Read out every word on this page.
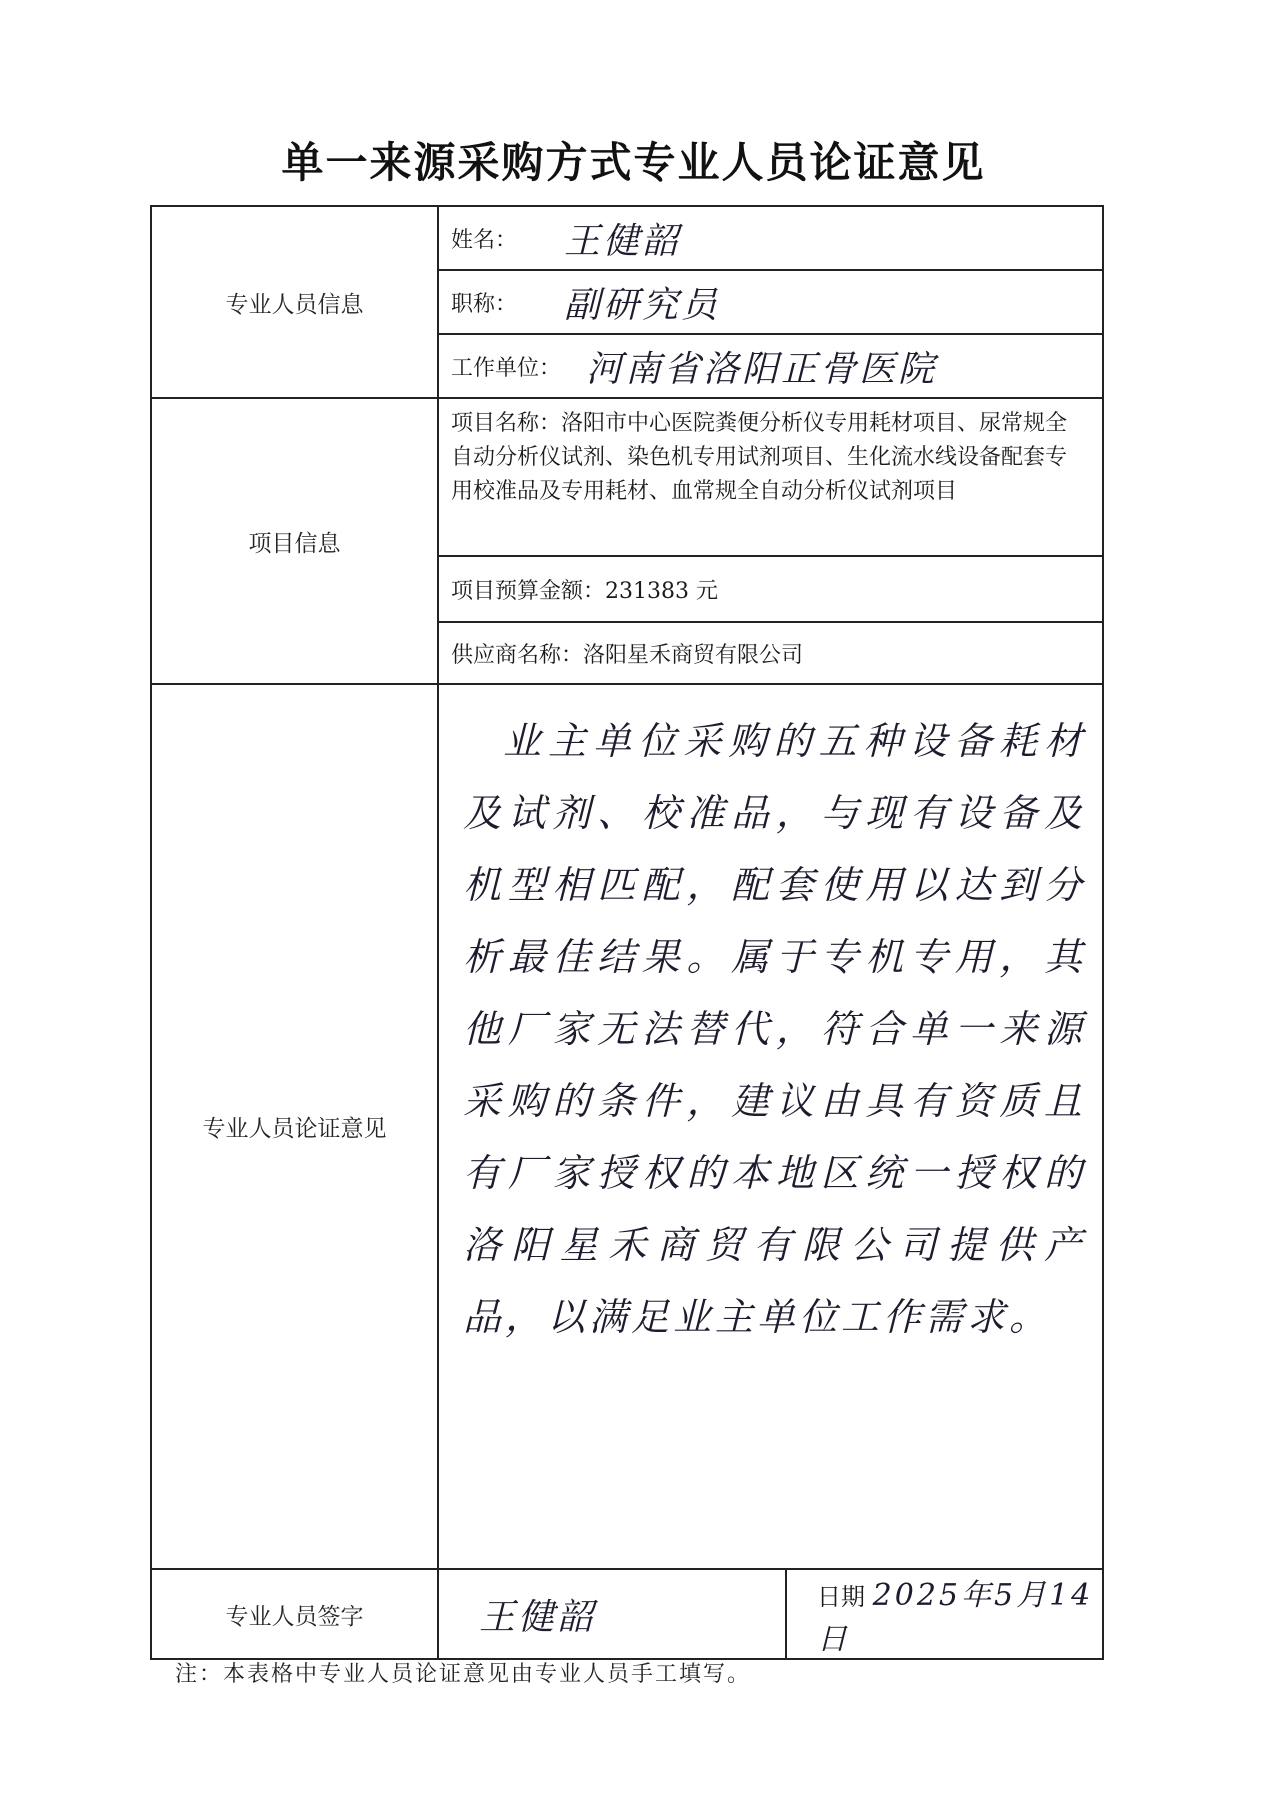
单一来源采购方式专业人员论证意见
专业人员信息	姓名： 王健韶	
	职称： 副研究员	
	工作单位： 河南省洛阳正骨医院	
项目信息	项目名称：洛阳市中心医院粪便分析仪专用耗材项目、尿常规全自动分析仪试剂、染色机专用试剂项目、生化流水线设备配套专用校准品及专用耗材、血常规全自动分析仪试剂项目	
	项目预算金额：231383 元	
	供应商名称：洛阳星禾商贸有限公司	
专业人员论证意见	业主单位采购的五种设备耗材及试剂、校准品，与现有设备及机型相匹配，配套使用以达到分析最佳结果。属于专机专用，其他厂家无法替代，符合单一来源采购的条件，建议由具有资质且有厂家授权的本地区统一授权的洛阳星禾商贸有限公司提供产品，以满足业主单位工作需求。	

专业人员签字	王健韶	日期 2025年5月14日
注：本表格中专业人员论证意见由专业人员手工填写。
